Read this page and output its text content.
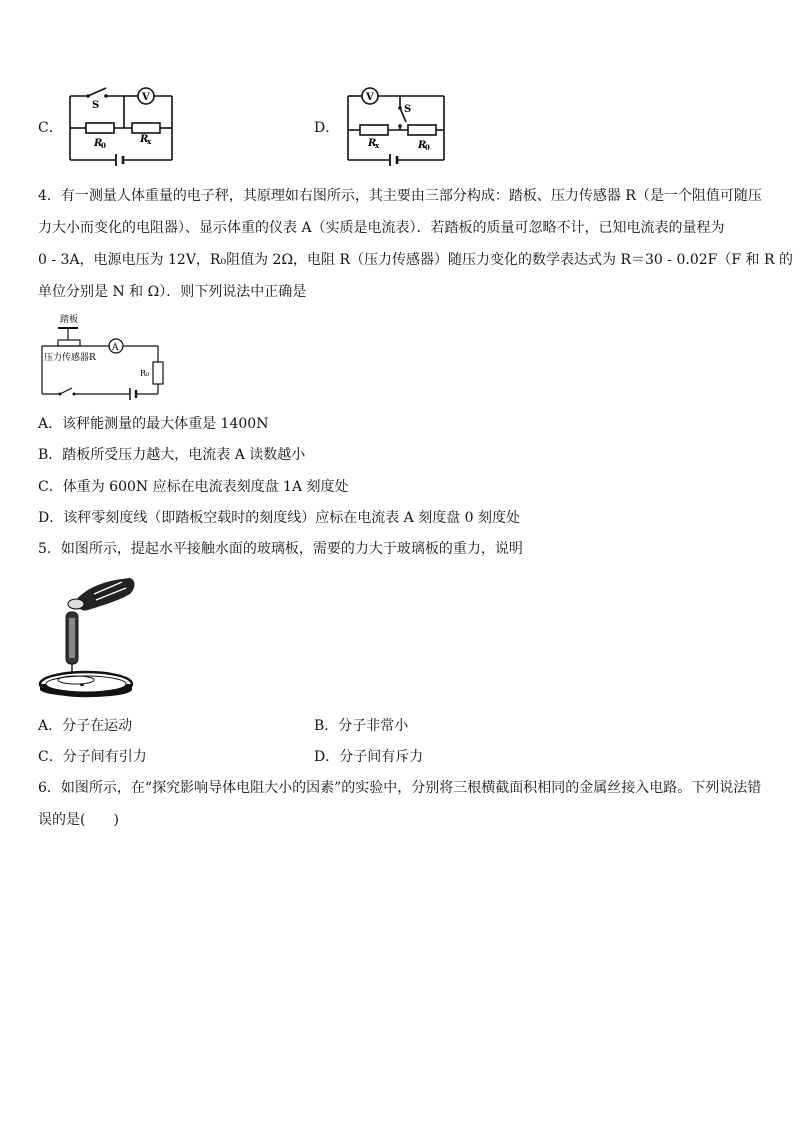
C．
S
V
R
0
R
x
D．
V
S
R
x	R
0
4．有一测量人体重量的电子秤，其原理如右图所示，其主要由三部分构成：踏板、压力传感器 R（是一个阻值可随压
力大小而变化的电阻器）、显示体重的仪表 A（实质是电流表）．若踏板的质量可忽略不计，已知电流表的量程为
0 - 3A，电源电压为 12V，R₀阻值为 2Ω，电阻 R（压力传感器）随压力变化的数学表达式为 R＝30 - 0.02F（F 和 R 的
单位分别是 N 和 Ω）．则下列说法中正确是
踏板
压力传感器R
A
R₀
A．该秤能测量的最大体重是 1400N
B．踏板所受压力越大，电流表 A 读数越小
C．体重为 600N 应标在电流表刻度盘 1A 刻度处
D．该秤零刻度线（即踏板空载时的刻度线）应标在电流表 A 刻度盘 0 刻度处
5．如图所示，提起水平接触水面的玻璃板，需要的力大于玻璃板的重力，说明
A．分子在运动	B．分子非常小
C．分子间有引力	D．分子间有斥力
6．如图所示，在“探究影响导体电阻大小的因素”的实验中，分别将三根横截面积相同的金属丝接入电路。下列说法错
误的是(　　)
